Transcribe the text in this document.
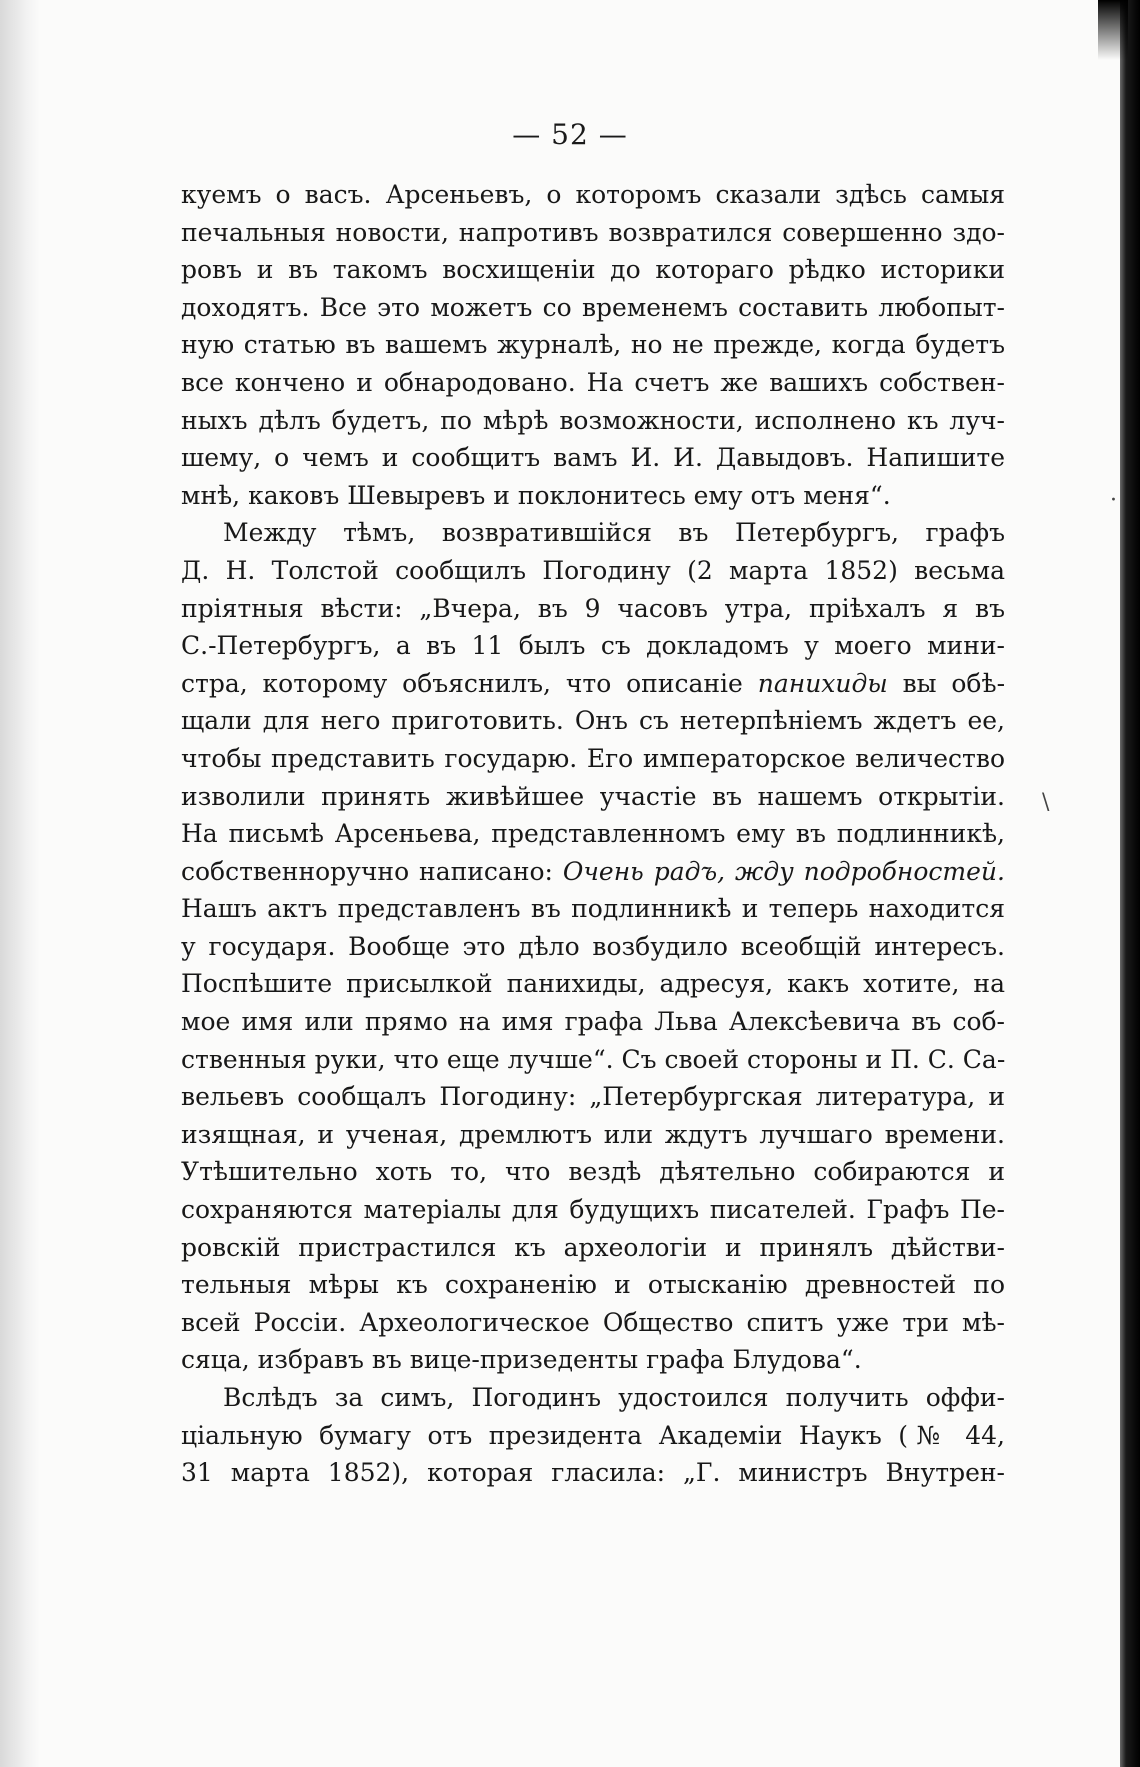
·
\
— 52 —
куемъ о васъ. Арсеньевъ, о которомъ сказали здѣсь самыя
печальныя новости, напротивъ возвратился совершенно здо-
ровъ и въ такомъ восхищеніи до котораго рѣдко историки
доходятъ. Все это можетъ со временемъ составить любопыт-
ную статью въ вашемъ журналѣ, но не прежде, когда будетъ
все кончено и обнародовано. На счетъ же вашихъ собствен-
ныхъ дѣлъ будетъ, по мѣрѣ возможности, исполнено къ луч-
шему, о чемъ и сообщитъ вамъ И. И. Давыдовъ. Напишите
мнѣ, каковъ Шевыревъ и поклонитесь ему отъ меня“.
Между тѣмъ, возвратившійся въ Петербургъ, графъ
Д. Н. Толстой сообщилъ Погодину (2 марта 1852) весьма
пріятныя вѣсти: „Вчера, въ 9 часовъ утра, пріѣхалъ я въ
С.-Петербургъ, а въ 11 былъ съ докладомъ у моего мини-
стра, которому объяснилъ, что описаніе панихиды вы обѣ-
щали для него приготовить. Онъ съ нетерпѣніемъ ждетъ ее,
чтобы представить государю. Его императорское величество
изволили принять живѣйшее участіе въ нашемъ открытіи.
На письмѣ Арсеньева, представленномъ ему въ подлинникѣ,
собственноручно написано: Очень радъ, жду подробностей.
Нашъ актъ представленъ въ подлинникѣ и теперь находится
у государя. Вообще это дѣло возбудило всеобщій интересъ.
Поспѣшите присылкой панихиды, адресуя, какъ хотите, на
мое имя или прямо на имя графа Льва Алексѣевича въ соб-
ственныя руки, что еще лучше“. Съ своей стороны и П. С. Са-
вельевъ сообщалъ Погодину: „Петербургская литература, и
изящная, и ученая, дремлютъ или ждутъ лучшаго времени.
Утѣшительно хоть то, что вездѣ дѣятельно собираются и
сохраняются матеріалы для будущихъ писателей. Графъ Пе-
ровскій пристрастился къ археологіи и принялъ дѣйстви-
тельныя мѣры къ сохраненію и отысканію древностей по
всей Россіи. Археологическое Общество спитъ уже три мѣ-
сяца, избравъ въ вице-призеденты графа Блудова“.
Вслѣдъ за симъ, Погодинъ удостоился получить оффи-
ціальную бумагу отъ президента Академіи Наукъ (№ 44,
31 марта 1852), которая гласила: „Г. министръ Внутрен-
